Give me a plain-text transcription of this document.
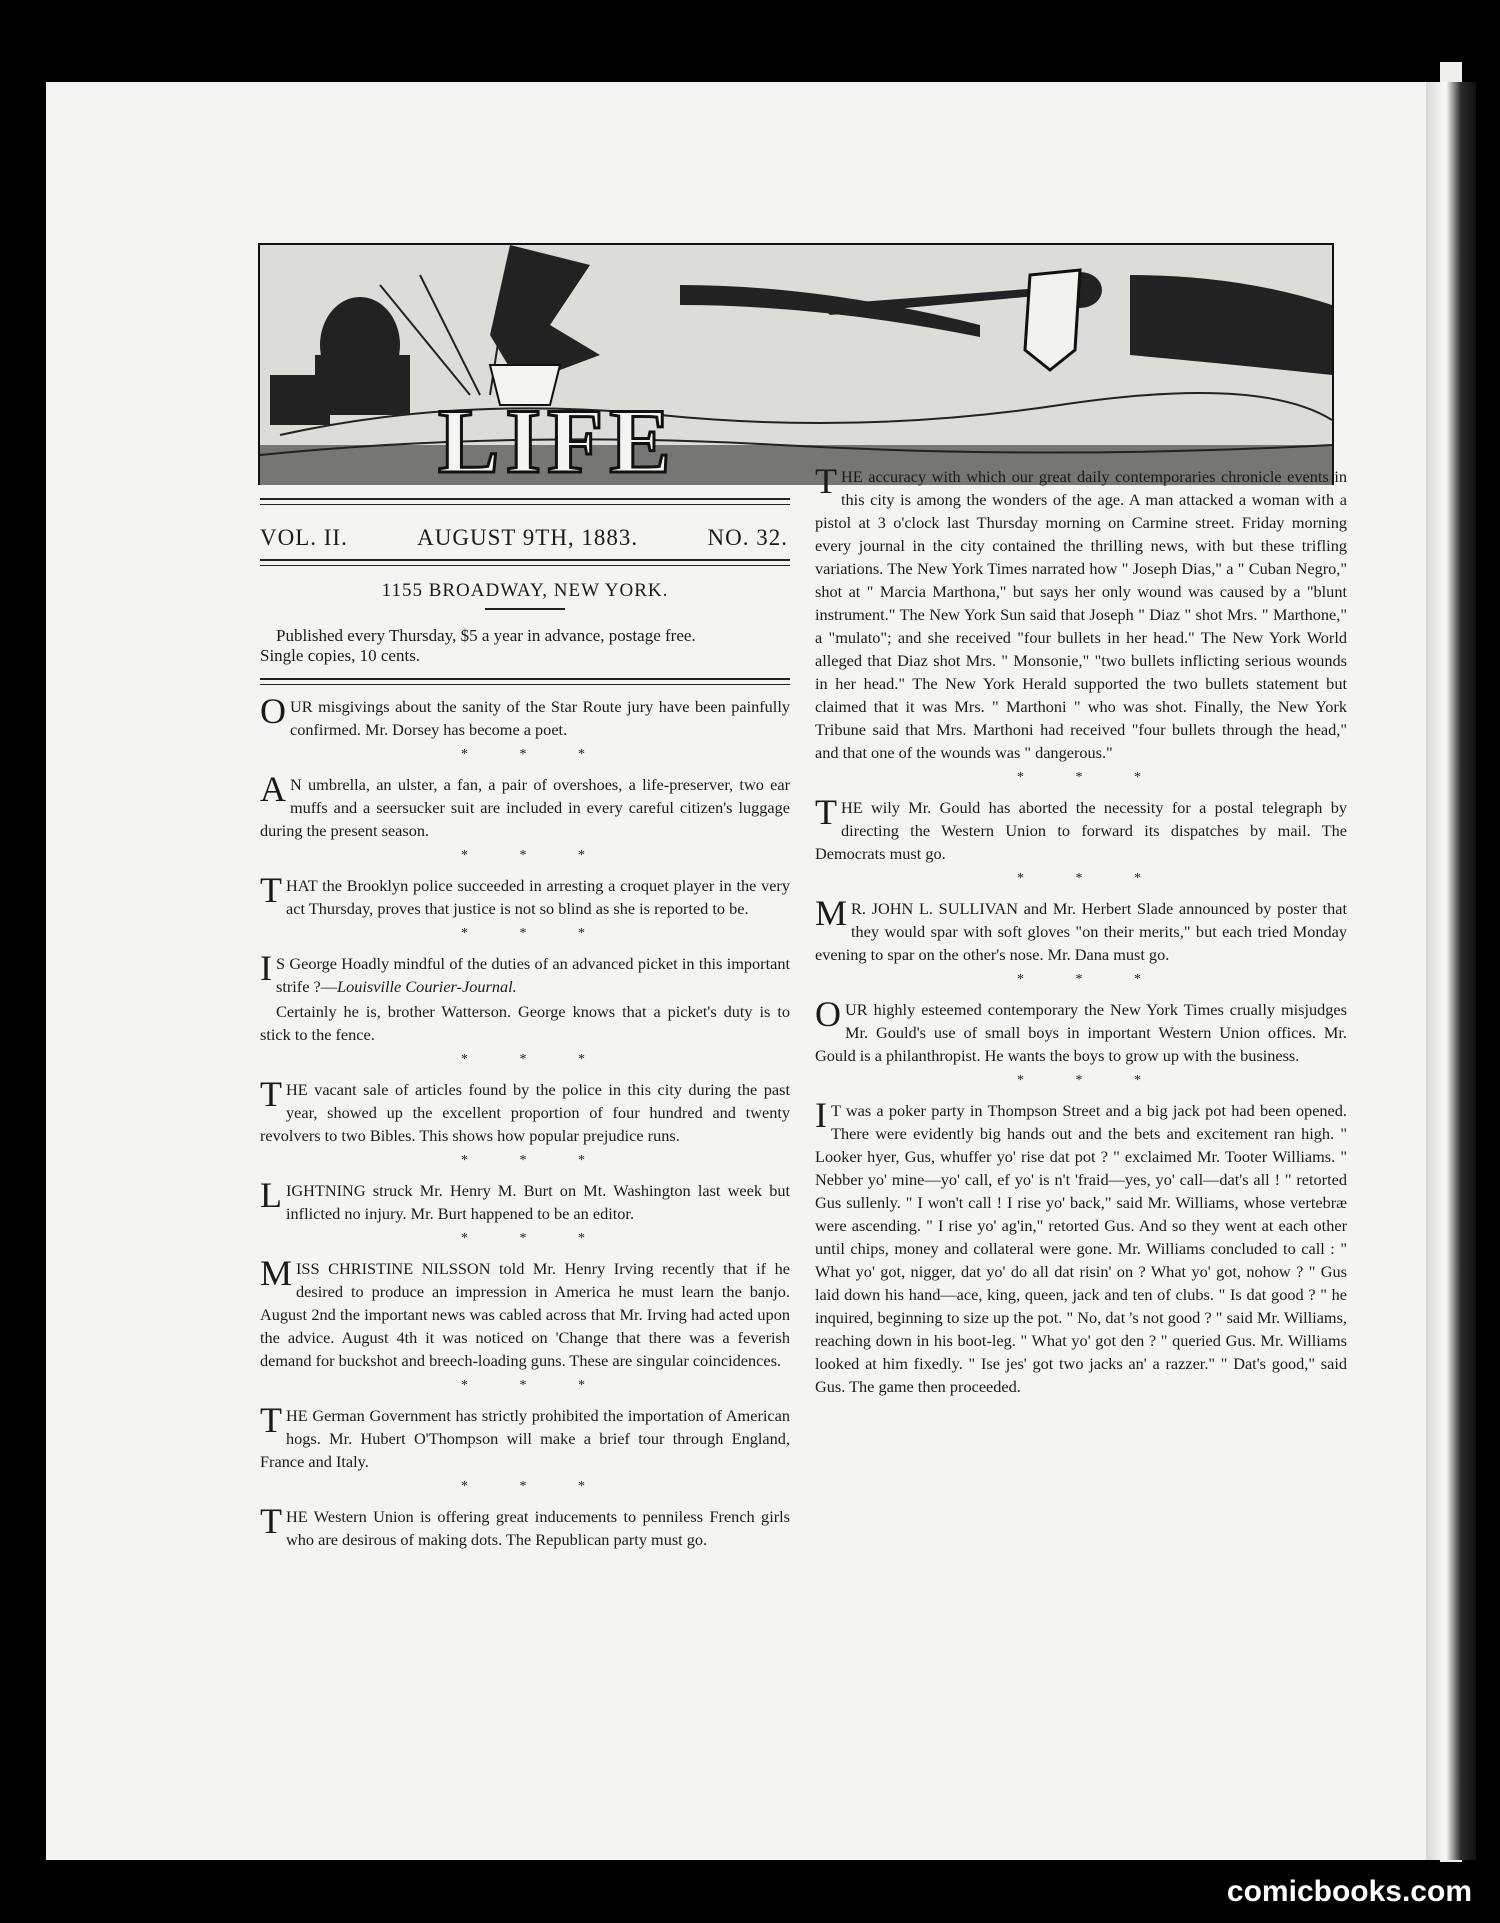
LIFE
VOL. II.	AUGUST 9TH, 1883.	NO. 32.
1155 BROADWAY, NEW YORK.
Published every Thursday, $5 a year in advance, postage free.
Single copies, 10 cents.
OUR misgivings about the sanity of the Star Route jury have been painfully confirmed. Mr. Dorsey has become a poet.
* * *
A N umbrella, an ulster, a fan, a pair of overshoes, a life-preserver, two ear muffs and a seersucker suit are included in every careful citizen's luggage during the present season.
* * *
THAT the Brooklyn police succeeded in arresting a croquet player in the very act Thursday, proves that justice is not so blind as she is reported to be.
* * *
I S George Hoadly mindful of the duties of an advanced picket in this important strife ?—Louisville Courier-Journal.
Certainly he is, brother Watterson. George knows that a picket's duty is to stick to the fence.
* * *
THE vacant sale of articles found by the police in this city during the past year, showed up the excellent proportion of four hundred and twenty revolvers to two Bibles. This shows how popular prejudice runs.
* * *
LIGHTNING struck Mr. Henry M. Burt on Mt. Washington last week but inflicted no injury. Mr. Burt happened to be an editor.
* * *
MISS CHRISTINE NILSSON told Mr. Henry Irving recently that if he desired to produce an impression in America he must learn the banjo. August 2nd the important news was cabled across that Mr. Irving had acted upon the advice. August 4th it was noticed on 'Change that there was a feverish demand for buckshot and breech-loading guns. These are singular coincidences.
* * *
THE German Government has strictly prohibited the importation of American hogs. Mr. Hubert O'Thompson will make a brief tour through England, France and Italy.
* * *
THE Western Union is offering great inducements to penniless French girls who are desirous of making dots. The Republican party must go.
THE accuracy with which our great daily contemporaries chronicle events in this city is among the wonders of the age. A man attacked a woman with a pistol at 3 o'clock last Thursday morning on Carmine street. Friday morning every journal in the city contained the thrilling news, with but these trifling variations. The New York Times narrated how " Joseph Dias," a " Cuban Negro," shot at " Marcia Marthona," but says her only wound was caused by a "blunt instrument." The New York Sun said that Joseph " Diaz " shot Mrs. " Marthone," a "mulato"; and she received "four bullets in her head." The New York World alleged that Diaz shot Mrs. " Monsonie," "two bullets inflicting serious wounds in her head." The New York Herald supported the two bullets statement but claimed that it was Mrs. " Marthoni " who was shot. Finally, the New York Tribune said that Mrs. Marthoni had received "four bullets through the head," and that one of the wounds was " dangerous."
* * *
THE wily Mr. Gould has aborted the necessity for a postal telegraph by directing the Western Union to forward its dispatches by mail. The Democrats must go.
* * *
M R. JOHN L. SULLIVAN and Mr. Herbert Slade announced by poster that they would spar with soft gloves "on their merits," but each tried Monday evening to spar on the other's nose. Mr. Dana must go.
* * *
OUR highly esteemed contemporary the New York Times crually misjudges Mr. Gould's use of small boys in important Western Union offices. Mr. Gould is a philanthropist. He wants the boys to grow up with the business.
* * *
I T was a poker party in Thompson Street and a big jack pot had been opened. There were evidently big hands out and the bets and excitement ran high. " Looker hyer, Gus, whuffer yo' rise dat pot ? " exclaimed Mr. Tooter Williams. " Nebber yo' mine—yo' call, ef yo' is n't 'fraid—yes, yo' call—dat's all ! " retorted Gus sullenly. " I won't call ! I rise yo' back," said Mr. Williams, whose vertebræ were ascending. " I rise yo' ag'in," retorted Gus. And so they went at each other until chips, money and collateral were gone. Mr. Williams concluded to call : " What yo' got, nigger, dat yo' do all dat risin' on ? What yo' got, nohow ? " Gus laid down his hand—ace, king, queen, jack and ten of clubs. " Is dat good ? " he inquired, beginning to size up the pot. " No, dat 's not good ? " said Mr. Williams, reaching down in his boot-leg. " What yo' got den ? " queried Gus. Mr. Williams looked at him fixedly. " Ise jes' got two jacks an' a razzer." " Dat's good," said Gus. The game then proceeded.
comicbooks.com
